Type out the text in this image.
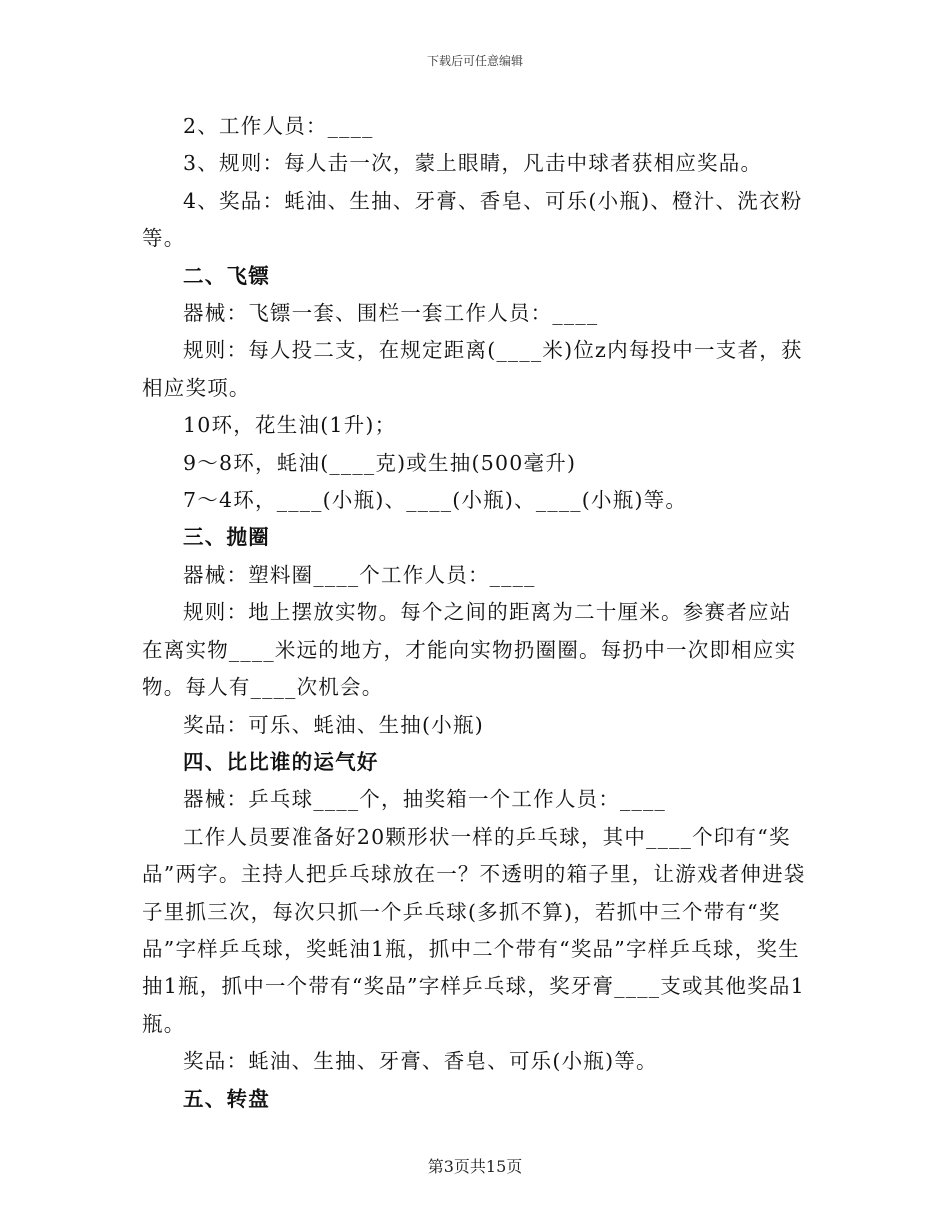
下载后可任意编辑

2、工作人员：____

3、规则：每人击一次，蒙上眼睛，凡击中球者获相应奖品。

4、奖品：蚝油、生抽、牙膏、香皂、可乐(小瓶)、橙汁、洗衣粉等。

二、飞镖

器械：飞镖一套、围栏一套工作人员：____

规则：每人投二支，在规定距离(____米)位z内每投中一支者，获相应奖项。

10环，花生油(1升)；

9～8环，蚝油(____克)或生抽(500毫升)

7～4环，____(小瓶)、____(小瓶)、____(小瓶)等。

三、抛圈

器械：塑料圈____个工作人员：____

规则：地上摆放实物。每个之间的距离为二十厘米。参赛者应站在离实物____米远的地方，才能向实物扔圈圈。每扔中一次即相应实物。每人有____次机会。

奖品：可乐、蚝油、生抽(小瓶)

四、比比谁的运气好

器械：乒乓球____个，抽奖箱一个工作人员：____

工作人员要准备好20颗形状一样的乒乓球，其中____个印有“奖品”两字。主持人把乒乓球放在一？不透明的箱子里，让游戏者伸进袋子里抓三次，每次只抓一个乒乓球(多抓不算)，若抓中三个带有“奖品”字样乒乓球，奖蚝油1瓶，抓中二个带有“奖品”字样乒乓球，奖生抽1瓶，抓中一个带有“奖品”字样乒乓球，奖牙膏____支或其他奖品1瓶。

奖品：蚝油、生抽、牙膏、香皂、可乐(小瓶)等。

五、转盘

第3页共15页
